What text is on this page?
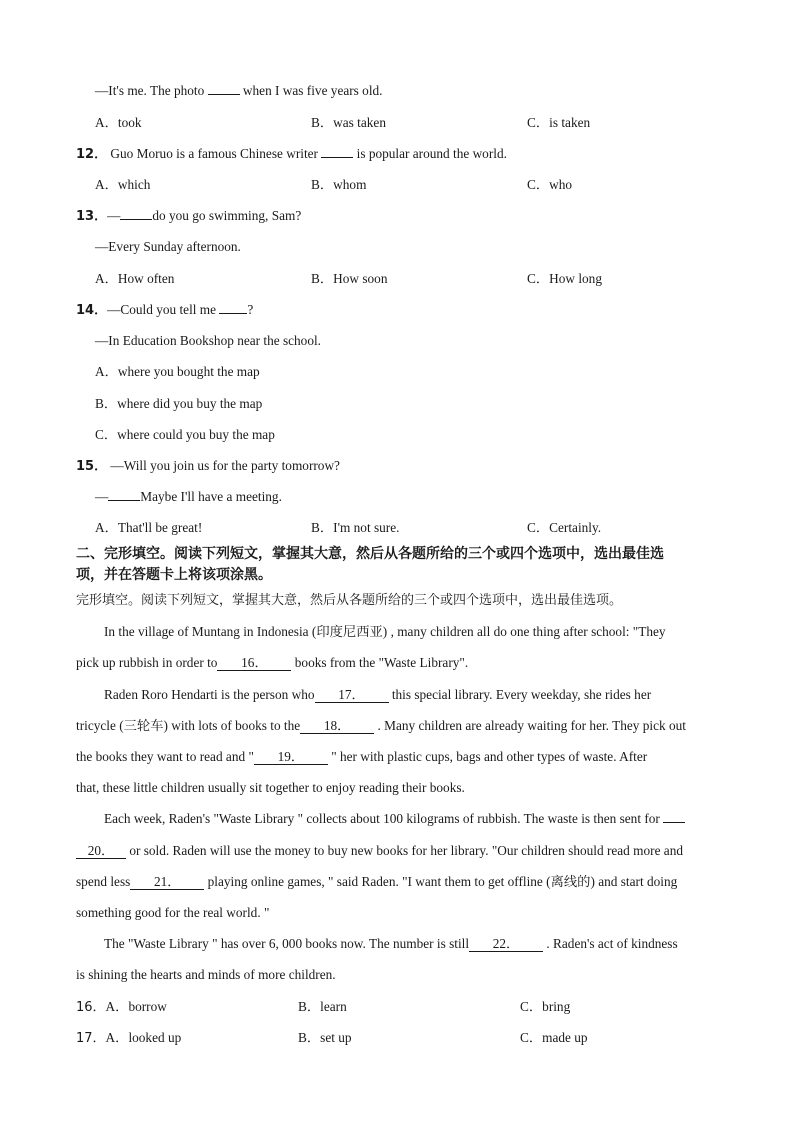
—It's me. The photo	when I was five years old.
A．took	B．was taken	C．is taken
12． Guo Moruo is a famous Chinese writer	is popular around the world.
A．which	B．whom	C．who
13．— do you go swimming, Sam?
—Every Sunday afternoon.
A．How often	B．How soon	C．How long
14．—Could you tell me ?
—In Education Bookshop near the school.
A．where you bought the map
B．where did you buy the map
C．where could you buy the map
15． —Will you join us for the party tomorrow?
— Maybe I'll have a meeting.
A．That'll be great!	B．I'm not sure.	C．Certainly.
二、完形填空。阅读下列短文，掌握其大意，然后从各题所给的三个或四个选项中，选出最佳选
项，并在答题卡上将该项涂黑。
完形填空。阅读下列短文，掌握其大意，然后从各题所给的三个或四个选项中，选出最佳选项。
In the village of Muntang in Indonesia (印度尼西亚) , many children all do one thing after school: "They
pick up rubbish in order to 16． books from the "Waste Library".
Raden Roro Hendarti is the person who 17． this special library. Every weekday, she rides her
tricycle (三轮车) with lots of books to the 18． . Many children are already waiting for her. They pick out
the books they want to read and " 19． " her with plastic cups, bags and other types of waste. After
that, these little children usually sit together to enjoy reading their books.
Each week, Raden's "Waste Library " collects about 100 kilograms of rubbish. The waste is then sent for
20． or sold. Raden will use the money to buy new books for her library. "Our children should read more and
spend less 21． playing online games, " said Raden. "I want them to get offline (离线的) and start doing
something good for the real world. "
The "Waste Library " has over 6, 000 books now. The number is still 22． . Raden's act of kindness
is shining the hearts and minds of more children.
16．A．borrow	B．learn	C．bring
17．A．looked up	B．set up	C．made up
